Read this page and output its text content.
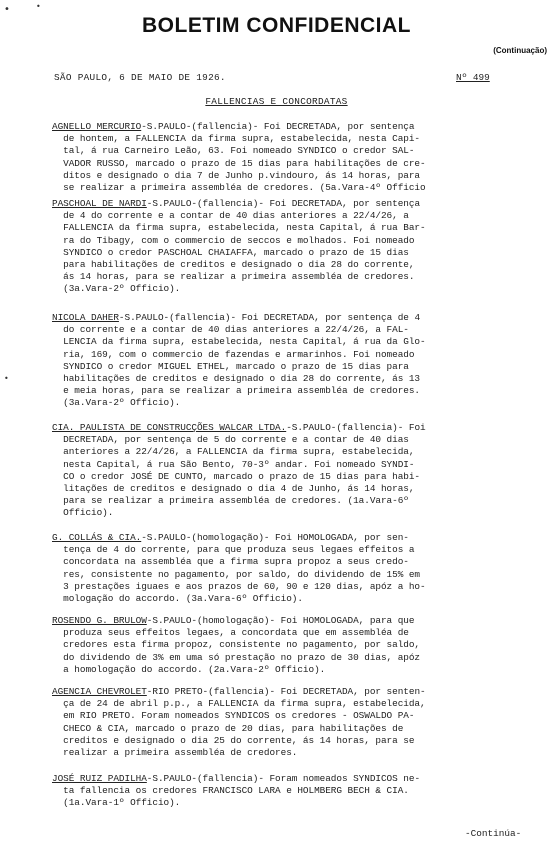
•	•
•
BOLETIM CONFIDENCIAL
(Continuação)
SÃO PAULO, 6 DE MAIO DE 1926.	Nº 499
FALLENCIAS E CONCORDATAS
AGNELLO MERCURIO-S.PAULO-(fallencia)- Foi DECRETADA, por sentença
de hontem, a FALLENCIA da firma supra, estabelecida, nesta Capi-
tal, á rua Carneiro Leão, 63. Foi nomeado SYNDICO o credor SAL-
VADOR RUSSO, marcado o prazo de 15 dias para habilitações de cre-
ditos e designado o dia 7 de Junho p.vindouro, ás 14 horas, para
se realizar a primeira assembléa de credores. (5a.Vara-4º Officio
PASCHOAL DE NARDI-S.PAULO-(fallencia)- Foi DECRETADA, por sentença
de 4 do corrente e a contar de 40 dias anteriores a 22/4/26, a
FALLENCIA da firma supra, estabelecida, nesta Capital, á rua Bar-
ra do Tibagy, com o commercio de seccos e molhados. Foi nomeado
SYNDICO o credor PASCHOAL CHAIAFFA, marcado o prazo de 15 dias
para habilitações de creditos e designado o dia 28 do corrente,
ás 14 horas, para se realizar a primeira assembléa de credores.
(3a.Vara-2º Officio).
NICOLA DAHER-S.PAULO-(fallencia)- Foi DECRETADA, por sentença de 4
do corrente e a contar de 40 dias anteriores a 22/4/26, a FAL-
LENCIA da firma supra, estabelecida, nesta Capital, á rua da Glo-
ria, 169, com o commercio de fazendas e armarinhos. Foi nomeado
SYNDICO o credor MIGUEL ETHEL, marcado o prazo de 15 dias para
habilitações de creditos e designado o dia 28 do corrente, ás 13
e meia horas, para se realizar a primeira assembléa de credores.
(3a.Vara-2º Officio).
CIA. PAULISTA DE CONSTRUCÇÕES WALCAR LTDA.-S.PAULO-(fallencia)- Foi
DECRETADA, por sentença de 5 do corrente e a contar de 40 dias
anteriores a 22/4/26, a FALLENCIA da firma supra, estabelecida,
nesta Capital, á rua São Bento, 70-3º andar. Foi nomeado SYNDI-
CO o credor JOSÉ DE CUNTO, marcado o prazo de 15 dias para habi-
litações de creditos e designado o dia 4 de Junho, ás 14 horas,
para se realizar a primeira assembléa de credores. (1a.Vara-6º
Officio).
G. COLLÁS & CIA.-S.PAULO-(homologação)- Foi HOMOLOGADA, por sen-
tença de 4 do corrente, para que produza seus legaes effeitos a
concordata na assembléa que a firma supra propoz a seus credo-
res, consistente no pagamento, por saldo, do dividendo de 15% em
3 prestações iguaes e aos prazos de 60, 90 e 120 dias, apóz a ho-
mologação do accordo. (3a.Vara-6º Officio).
ROSENDO G. BRULOW-S.PAULO-(homologação)- Foi HOMOLOGADA, para que
produza seus effeitos legaes, a concordata que em assembléa de
credores esta firma propoz, consistente no pagamento, por saldo,
do dividendo de 3% em uma só prestação no prazo de 30 dias, apóz
a homologação do accordo. (2a.Vara-2º Officio).
AGENCIA CHEVROLET-RIO PRETO-(fallencia)- Foi DECRETADA, por senten-
ça de 24 de abril p.p., a FALLENCIA da firma supra, estabelecida,
em RIO PRETO. Foram nomeados SYNDICOS os credores - OSWALDO PA-
CHECO & CIA, marcado o prazo de 20 dias, para habilitações de
creditos e designado o dia 25 do corrente, ás 14 horas, para se
realizar a primeira assembléa de credores.
JOSÉ RUIZ PADILHA-S.PAULO-(fallencia)- Foram nomeados SYNDICOS ne-
ta fallencia os credores FRANCISCO LARA e HOLMBERG BECH & CIA.
(1a.Vara-1º Officio).
-Continúa-
